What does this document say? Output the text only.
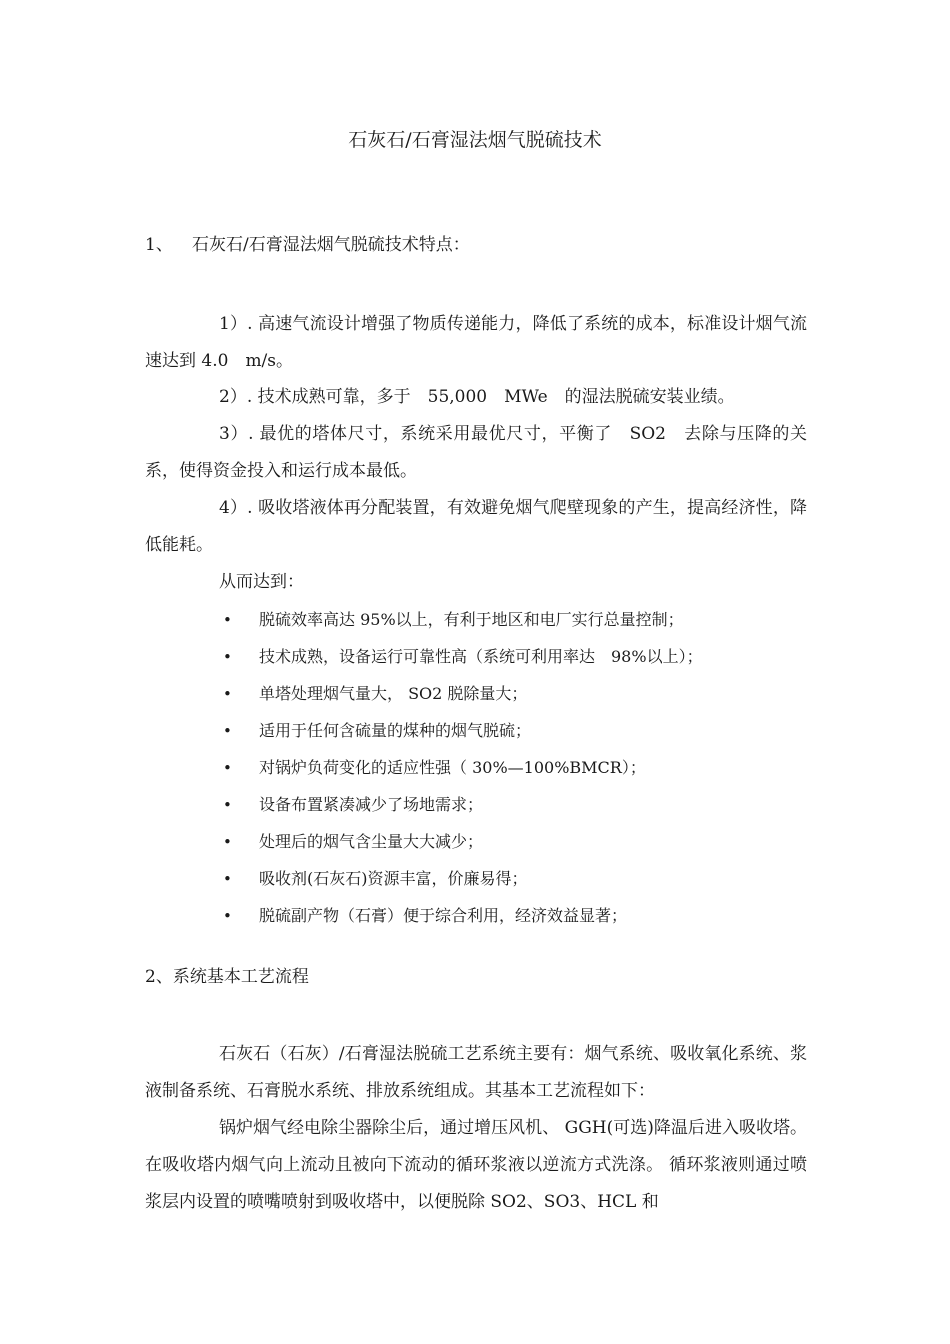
石灰石/石膏湿法烟气脱硫技术
1、 石灰石/石膏湿法烟气脱硫技术特点：
1）. 高速气流设计增强了物质传递能力，降低了系统的成本，标准设计烟气流速达到 4.0　m/s。
2）. 技术成熟可靠，多于　55,000　MWe　的湿法脱硫安装业绩。
3）. 最优的塔体尺寸，系统采用最优尺寸，平衡了　SO2　去除与压降的关系，使得资金投入和运行成本最低。
4）. 吸收塔液体再分配装置，有效避免烟气爬壁现象的产生，提高经济性，降低能耗。
从而达到：
• 脱硫效率高达 95%以上，有利于地区和电厂实行总量控制；
• 技术成熟，设备运行可靠性高（系统可利用率达　98%以上）；
• 单塔处理烟气量大， SO2 脱除量大；
• 适用于任何含硫量的煤种的烟气脱硫；
• 对锅炉负荷变化的适应性强（ 30%—100%BMCR）；
• 设备布置紧凑减少了场地需求；
• 处理后的烟气含尘量大大减少；
• 吸收剂(石灰石)资源丰富，价廉易得；
• 脱硫副产物（石膏）便于综合利用，经济效益显著；
2、系统基本工艺流程
石灰石（石灰）/石膏湿法脱硫工艺系统主要有：烟气系统、吸收氧化系统、浆液制备系统、石膏脱水系统、排放系统组成。其基本工艺流程如下：
锅炉烟气经电除尘器除尘后，通过增压风机、 GGH(可选)降温后进入吸收塔。在吸收塔内烟气向上流动且被向下流动的循环浆液以逆流方式洗涤。 循环浆液则通过喷浆层内设置的喷嘴喷射到吸收塔中，以便脱除 SO2、SO3、HCL 和
